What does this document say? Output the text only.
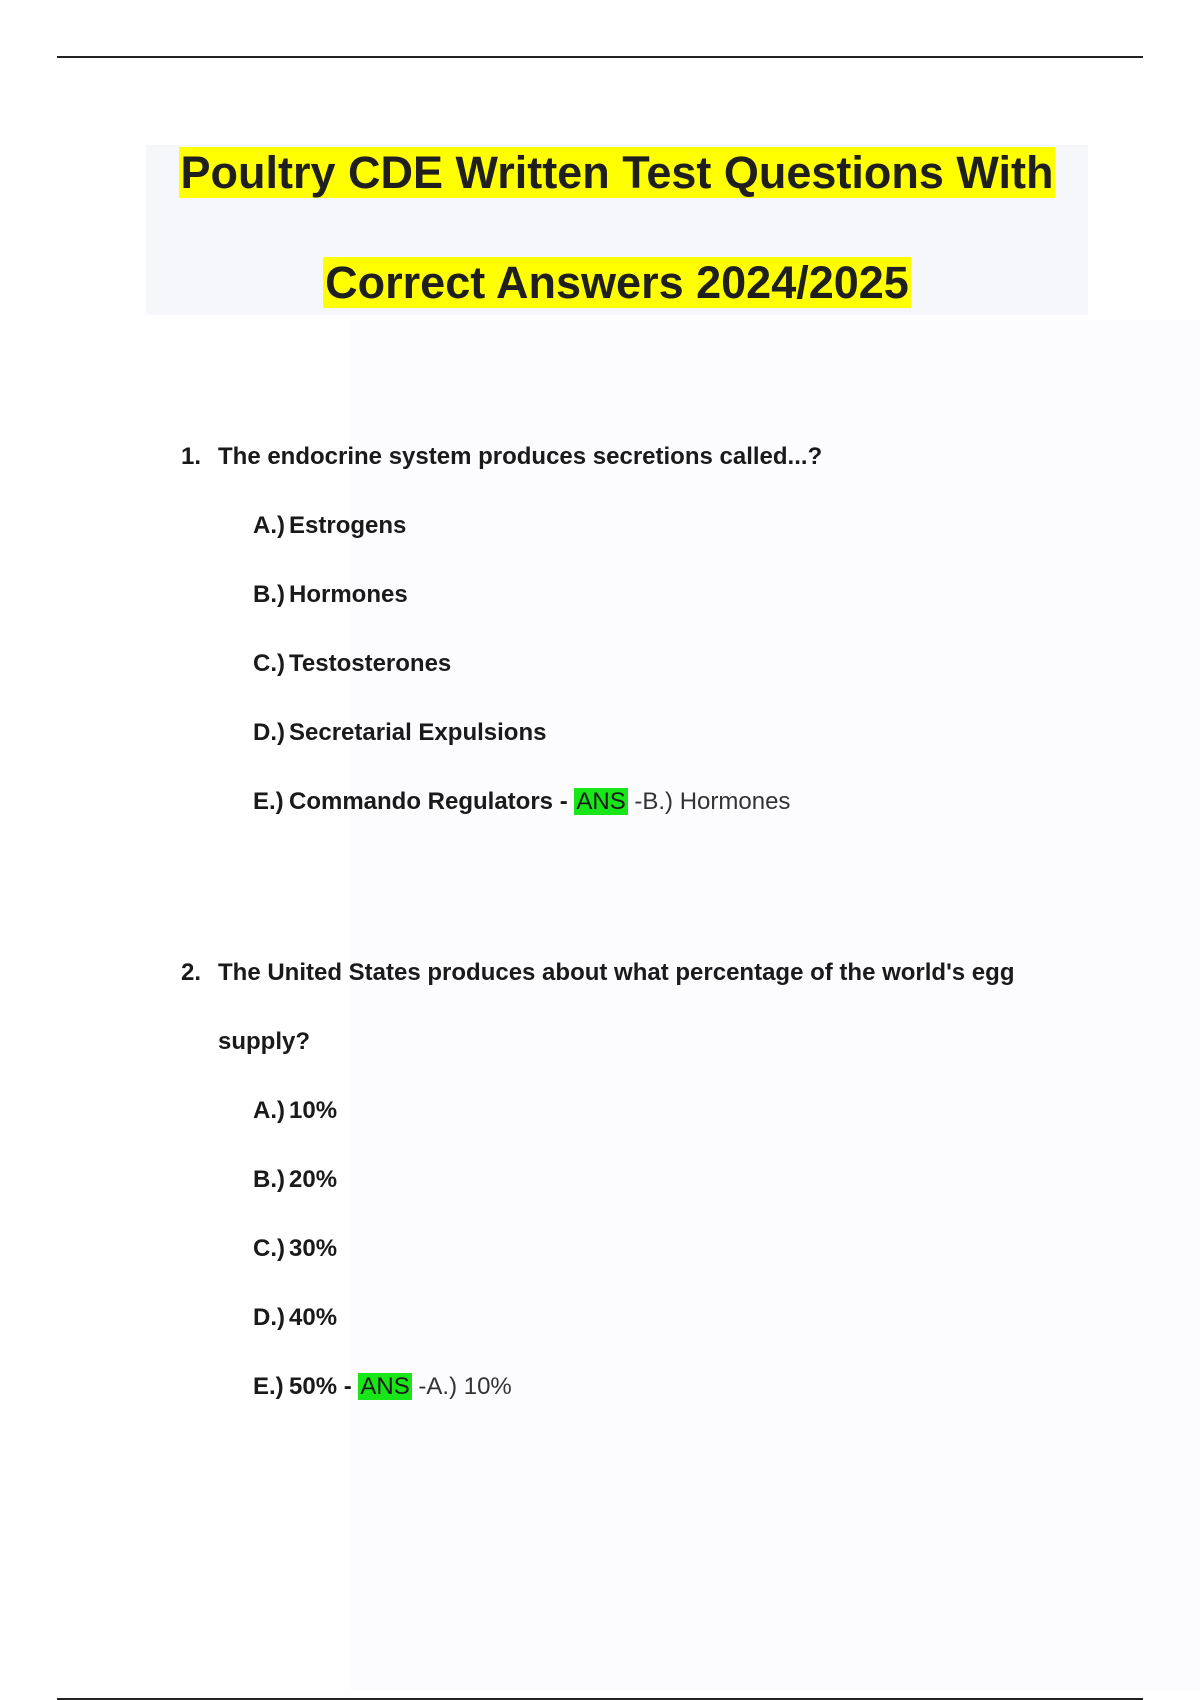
Poultry CDE Written Test Questions With
Correct Answers 2024/2025
1. The endocrine system produces secretions called...?
A.) Estrogens
B.) Hormones
C.) Testosterones
D.) Secretarial Expulsions
E.) Commando Regulators - ANS -B.) Hormones
2. The United States produces about what percentage of the world's egg
supply?
A.) 10%
B.) 20%
C.) 30%
D.) 40%
E.) 50% - ANS -A.) 10%
